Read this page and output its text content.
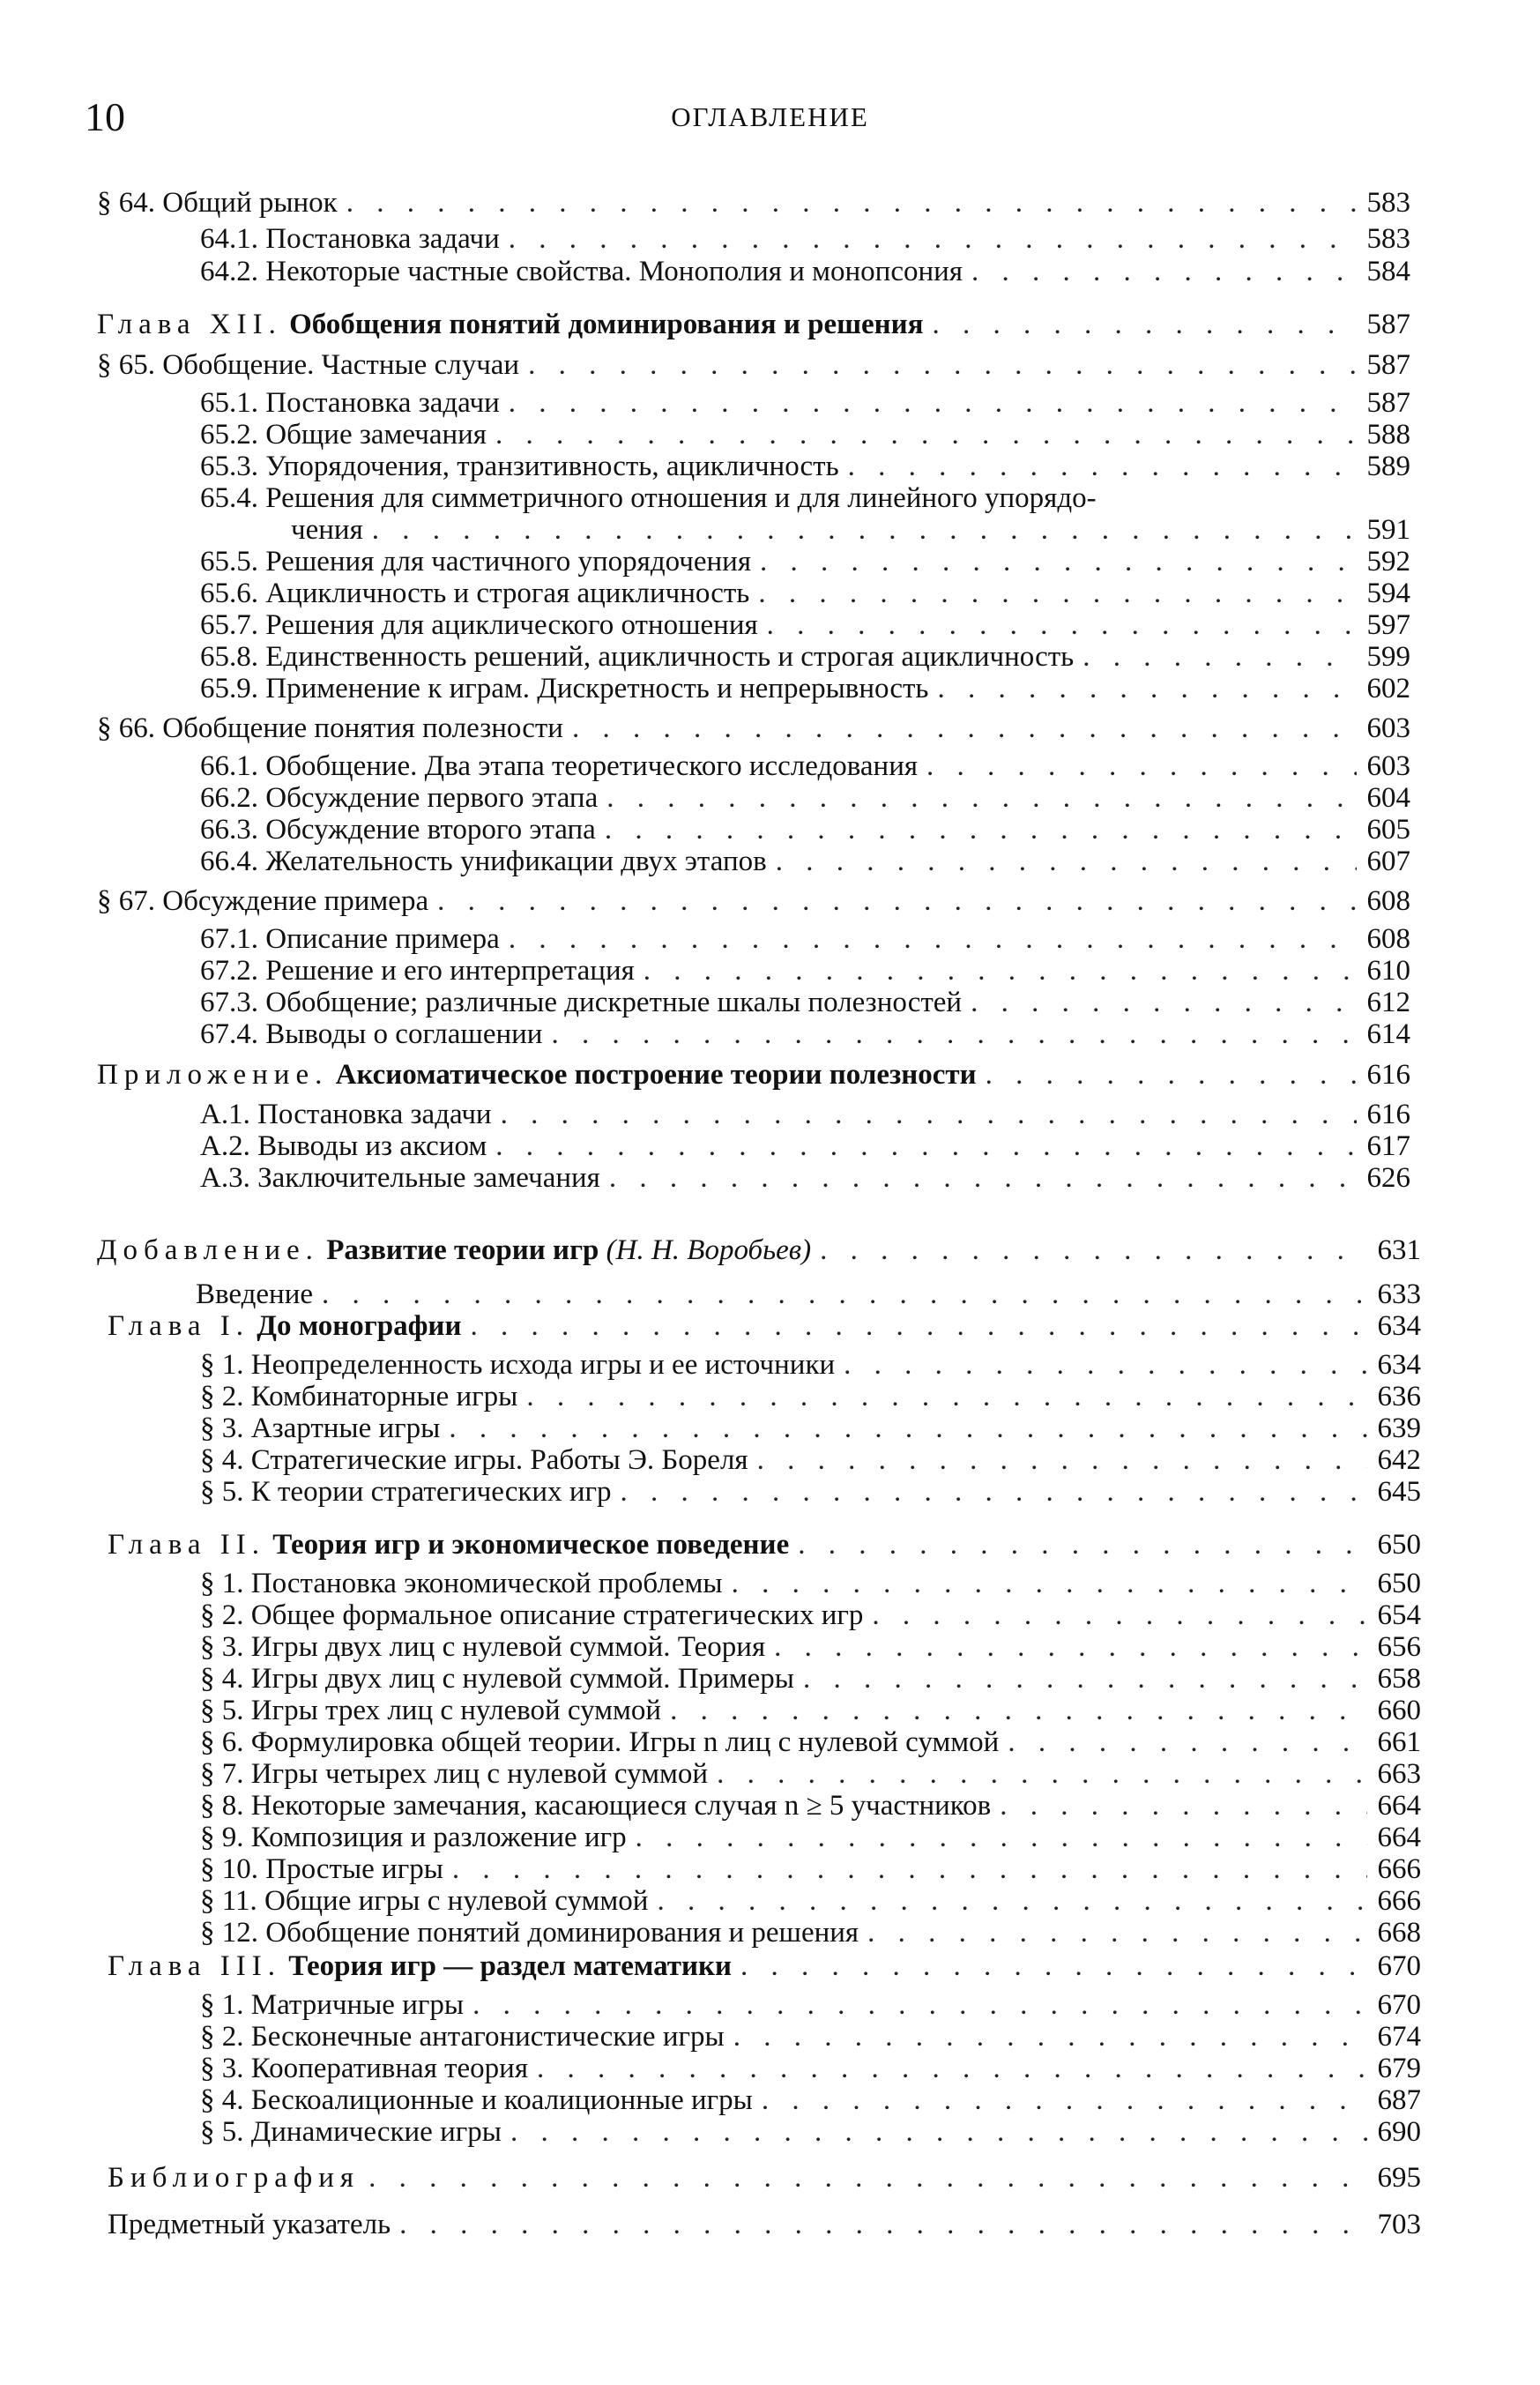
10	ОГЛАВЛЕНИЕ
§ 64. Общий рынок . . .	583
64.1. Постановка задачи . . .	583
64.2. Некоторые частные свойства. Монополия и монопсония . . .	584
Глава XII. Обобщения понятий доминирования и решения . . .	587
§ 65. Обобщение. Частные случаи . . .	587
65.1. Постановка задачи . . .	587
65.2. Общие замечания . . .	588
65.3. Упорядочения, транзитивность, ацикличность . . .	589
65.4. Решения для симметричного отношения и для линейного упорядо-
чения . . .	591
65.5. Решения для частичного упорядочения . . .	592
65.6. Ацикличность и строгая ацикличность . . .	594
65.7. Решения для ациклического отношения . . .	597
65.8. Единственность решений, ацикличность и строгая ацикличность . . .	599
65.9. Применение к играм. Дискретность и непрерывность . . .	602
§ 66. Обобщение понятия полезности . . .	603
66.1. Обобщение. Два этапа теоретического исследования . . .	603
66.2. Обсуждение первого этапа . . .	604
66.3. Обсуждение второго этапа . . .	605
66.4. Желательность унификации двух этапов . . .	607
§ 67. Обсуждение примера . . .	608
67.1. Описание примера . . .	608
67.2. Решение и его интерпретация . . .	610
67.3. Обобщение; различные дискретные шкалы полезностей . . .	612
67.4. Выводы о соглашении . . .	614
Приложение. Аксиоматическое построение теории полезности . . .	616
А.1. Постановка задачи . . .	616
А.2. Выводы из аксиом . . .	617
А.3. Заключительные замечания . . .	626
Добавление. Развитие теории игр (Н. Н. Воробьев) . . .	631
Введение . . .	633
Глава I. До монографии . . .	634
§ 1. Неопределенность исхода игры и ее источники . . .	634
§ 2. Комбинаторные игры . . .	636
§ 3. Азартные игры . . .	639
§ 4. Стратегические игры. Работы Э. Бореля . . .	642
§ 5. К теории стратегических игр . . .	645
Глава II. Теория игр и экономическое поведение . . .	650
§ 1. Постановка экономической проблемы . . .	650
§ 2. Общее формальное описание стратегических игр . . .	654
§ 3. Игры двух лиц с нулевой суммой. Теория . . .	656
§ 4. Игры двух лиц с нулевой суммой. Примеры . . .	658
§ 5. Игры трех лиц с нулевой суммой . . .	660
§ 6. Формулировка общей теории. Игры n лиц с нулевой суммой . . .	661
§ 7. Игры четырех лиц с нулевой суммой . . .	663
§ 8. Некоторые замечания, касающиеся случая n ≥ 5 участников . . .	664
§ 9. Композиция и разложение игр . . .	664
§ 10. Простые игры . . .	666
§ 11. Общие игры с нулевой суммой . . .	666
§ 12. Обобщение понятий доминирования и решения . . .	668
Глава III. Теория игр — раздел математики . . .	670
§ 1. Матричные игры . . .	670
§ 2. Бесконечные антагонистические игры . . .	674
§ 3. Кооперативная теория . . .	679
§ 4. Бескоалиционные и коалиционные игры . . .	687
§ 5. Динамические игры . . .	690
Библиография . . .	695
Предметный указатель . . .	703
